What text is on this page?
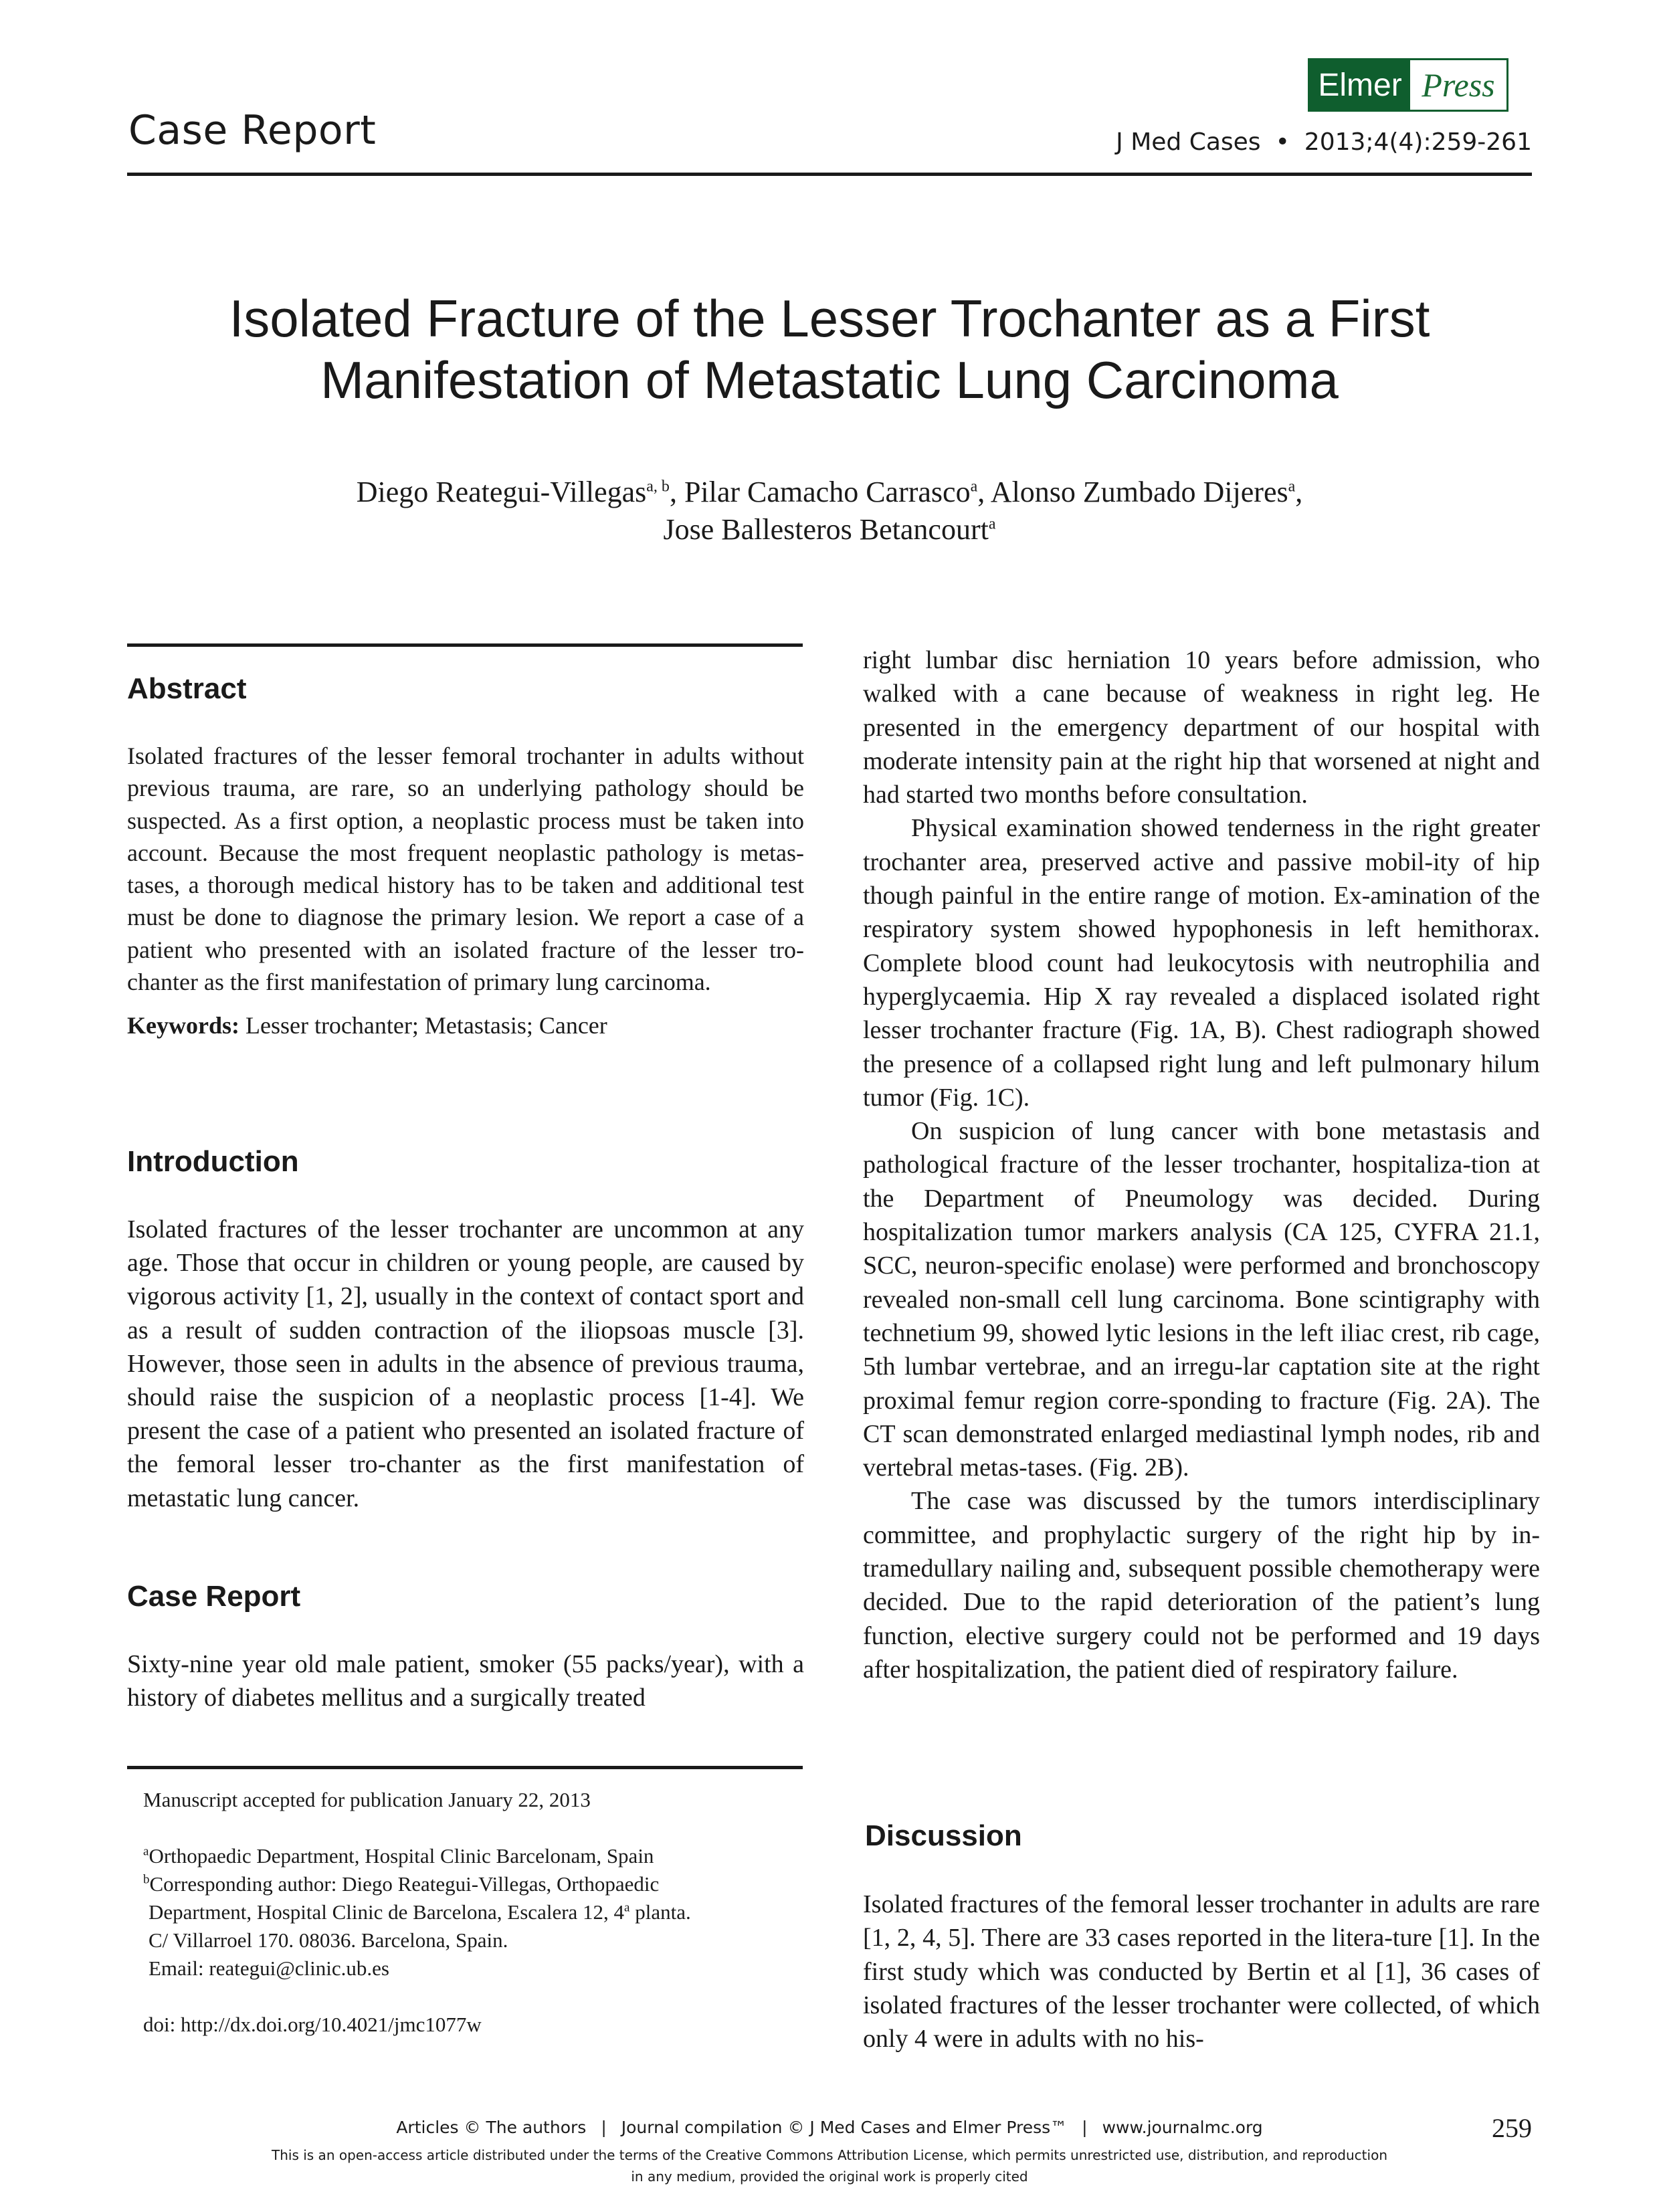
Case Report
Elmer Press
J Med Cases • 2013;4(4):259-261
Isolated Fracture of the Lesser Trochanter as a First
Manifestation of Metastatic Lung Carcinoma
Diego Reategui-Villegas$^{a, b}$, Pilar Camacho Carrasco$^a$, Alonso Zumbado Dijeres$^a$,
Jose Ballesteros Betancourt$^a$
Abstract

Isolated fractures of the lesser femoral trochanter in adults without previous trauma, are rare, so an underlying pathology should be suspected. As a first option, a neoplastic process must be taken into account. Because the most frequent neoplastic pathology is metas-tases, a thorough medical history has to be taken and additional test must be done to diagnose the primary lesion. We report a case of a patient who presented with an isolated fracture of the lesser tro-chanter as the first manifestation of primary lung carcinoma.

Keywords: Lesser trochanter; Metastasis; Cancer
Introduction

Isolated fractures of the lesser trochanter are uncommon at any age. Those that occur in children or young people, are caused by vigorous activity [1, 2], usually in the context of contact sport and as a result of sudden contraction of the iliopsoas muscle [3]. However, those seen in adults in the absence of previous trauma, should raise the suspicion of a neoplastic process [1-4]. We present the case of a patient who presented an isolated fracture of the femoral lesser tro-chanter as the first manifestation of metastatic lung cancer.

Case Report

Sixty-nine year old male patient, smoker (55 packs/year), with a history of diabetes mellitus and a surgically treated

Manuscript accepted for publication January 22, 2013
$^a$Orthopaedic Department, Hospital Clinic Barcelonam, Spain
$^b$Corresponding author: Diego Reategui-Villegas, Orthopaedic
Department, Hospital Clinic de Barcelona, Escalera 12, 4$^a$ planta.
C/ Villarroel 170. 08036. Barcelona, Spain.
Email: reategui@clinic.ub.es
doi: http://dx.doi.org/10.4021/jmc1077w

right lumbar disc herniation 10 years before admission, who walked with a cane because of weakness in right leg. He presented in the emergency department of our hospital with moderate intensity pain at the right hip that worsened at night and had started two months before consultation.

Physical examination showed tenderness in the right greater trochanter area, preserved active and passive mobil-ity of hip though painful in the entire range of motion. Ex-amination of the respiratory system showed hypophonesis in left hemithorax. Complete blood count had leukocytosis with neutrophilia and hyperglycaemia. Hip X ray revealed a displaced isolated right lesser trochanter fracture (Fig. 1A, B). Chest radiograph showed the presence of a collapsed right lung and left pulmonary hilum tumor (Fig. 1C).

On suspicion of lung cancer with bone metastasis and pathological fracture of the lesser trochanter, hospitaliza-tion at the Department of Pneumology was decided. During hospitalization tumor markers analysis (CA 125, CYFRA 21.1, SCC, neuron-specific enolase) were performed and bronchoscopy revealed non-small cell lung carcinoma. Bone scintigraphy with technetium 99, showed lytic lesions in the left iliac crest, rib cage, 5th lumbar vertebrae, and an irregu-lar captation site at the right proximal femur region corre-sponding to fracture (Fig. 2A). The CT scan demonstrated enlarged mediastinal lymph nodes, rib and vertebral metas-tases. (Fig. 2B).

The case was discussed by the tumors interdisciplinary committee, and prophylactic surgery of the right hip by in-tramedullary nailing and, subsequent possible chemotherapy were decided. Due to the rapid deterioration of the patient’s lung function, elective surgery could not be performed and 19 days after hospitalization, the patient died of respiratory failure.

Discussion

Isolated fractures of the femoral lesser trochanter in adults are rare [1, 2, 4, 5]. There are 33 cases reported in the litera-ture [1]. In the first study which was conducted by Bertin et al [1], 36 cases of isolated fractures of the lesser trochanter were collected, of which only 4 were in adults with no his-

Articles © The authors | Journal compilation © J Med Cases and Elmer Press™ | www.journalmc.org
This is an open-access article distributed under the terms of the Creative Commons Attribution License, which permits unrestricted use, distribution, and reproduction
in any medium, provided the original work is properly cited
259
